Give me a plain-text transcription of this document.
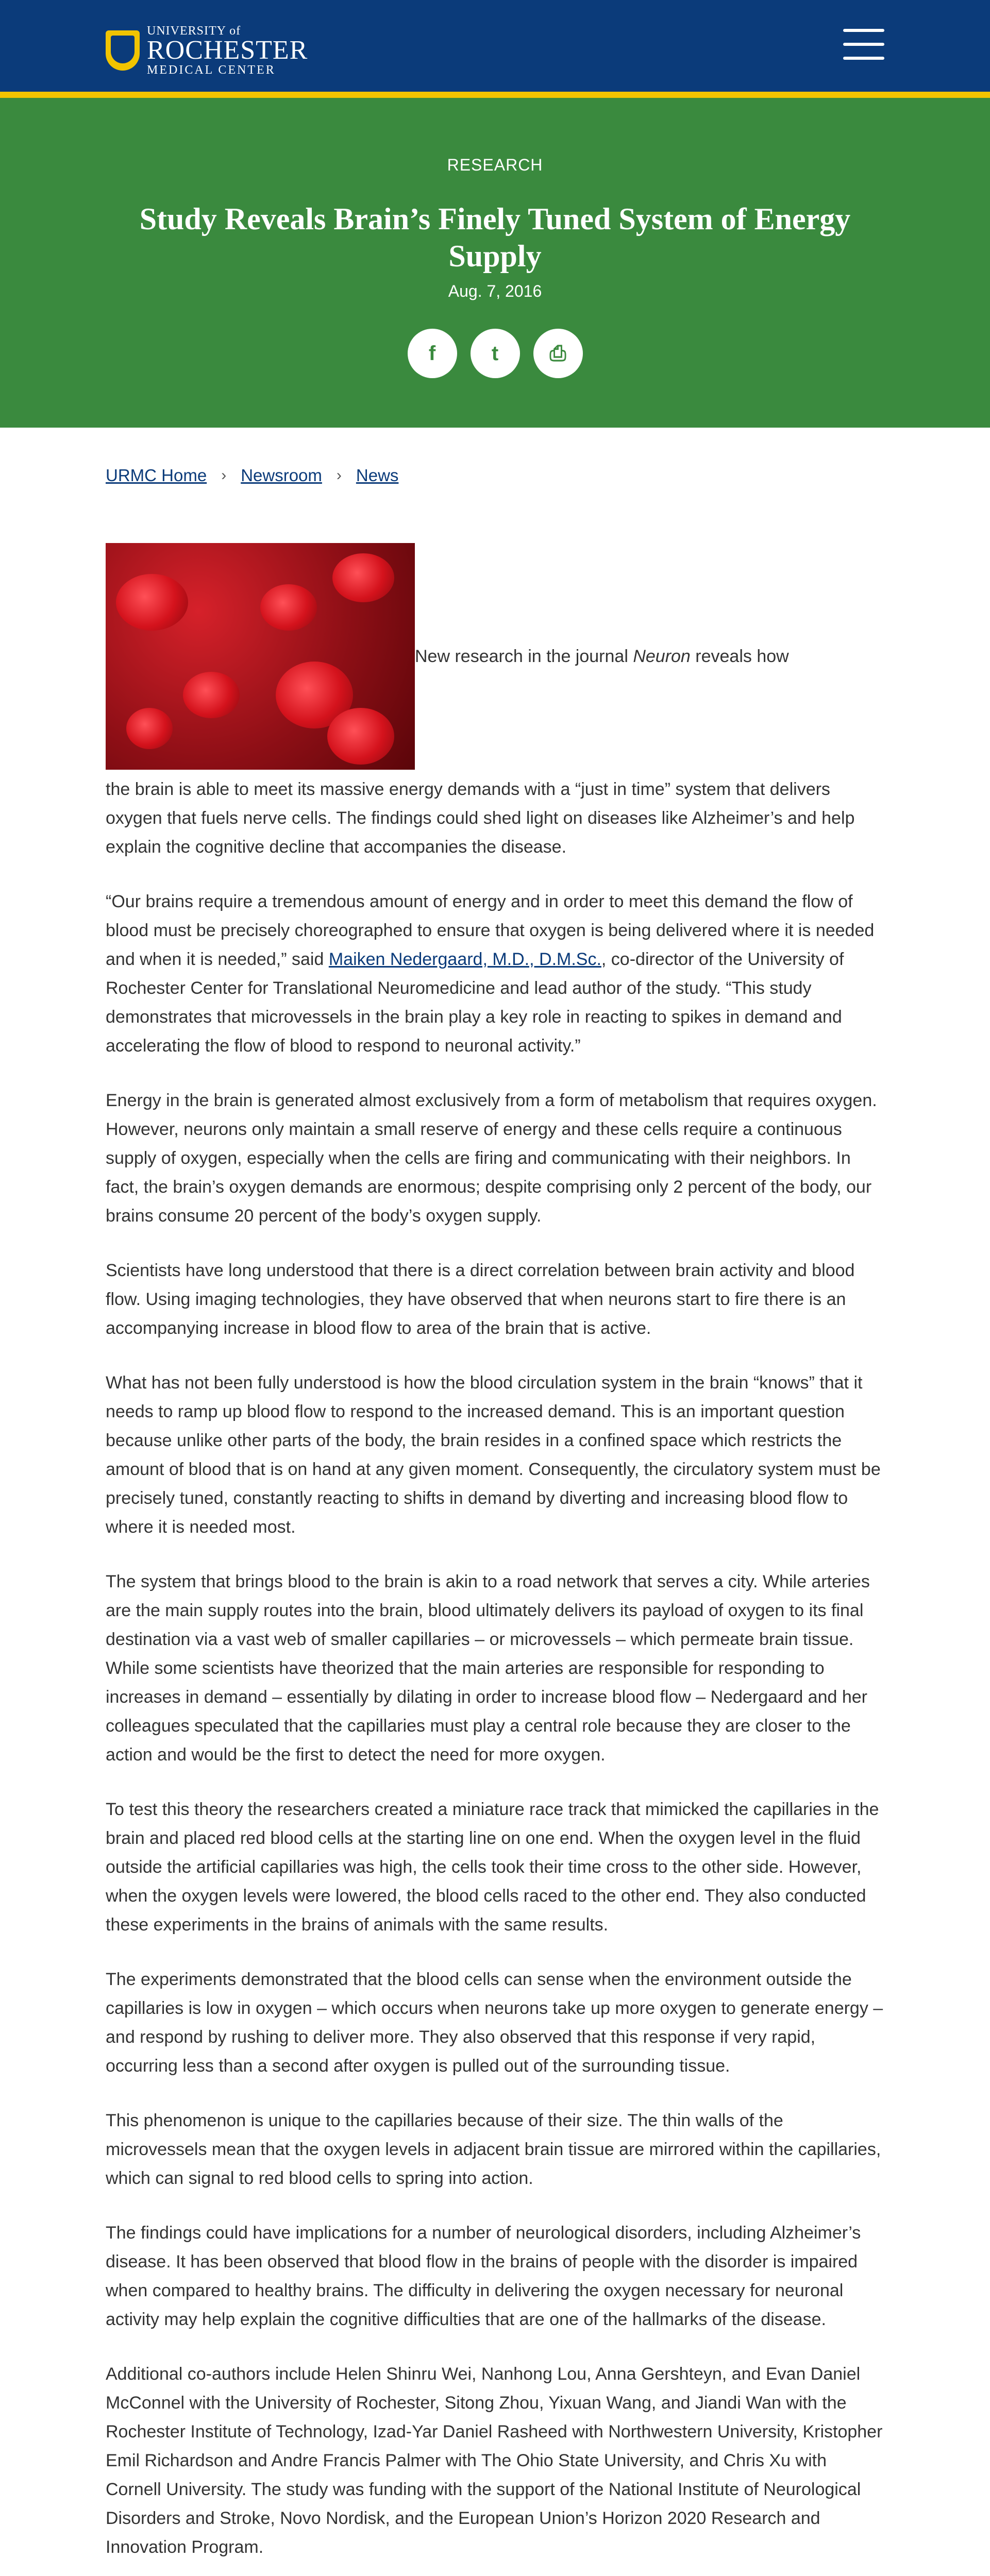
UNIVERSITY of
ROCHESTER
MEDICAL CENTER
RESEARCH
Study Reveals Brain’s Finely Tuned System of Energy Supply
Aug. 7, 2016
f	t	⎙
URMC Home › Newsroom › News
New research in the journal Neuron reveals how

the brain is able to meet its massive energy demands with a “just in time” system that delivers oxygen that fuels nerve cells. The findings could shed light on diseases like Alzheimer’s and help explain the cognitive decline that accompanies the disease.

“Our brains require a tremendous amount of energy and in order to meet this demand the flow of blood must be precisely choreographed to ensure that oxygen is being delivered where it is needed and when it is needed,” said Maiken Nedergaard, M.D., D.M.Sc., co-director of the University of Rochester Center for Translational Neuromedicine and lead author of the study. “This study demonstrates that microvessels in the brain play a key role in reacting to spikes in demand and accelerating the flow of blood to respond to neuronal activity.”

Energy in the brain is generated almost exclusively from a form of metabolism that requires oxygen. However, neurons only maintain a small reserve of energy and these cells require a continuous supply of oxygen, especially when the cells are firing and communicating with their neighbors. In fact, the brain’s oxygen demands are enormous; despite comprising only 2 percent of the body, our brains consume 20 percent of the body’s oxygen supply.

Scientists have long understood that there is a direct correlation between brain activity and blood flow. Using imaging technologies, they have observed that when neurons start to fire there is an accompanying increase in blood flow to area of the brain that is active.

What has not been fully understood is how the blood circulation system in the brain “knows” that it needs to ramp up blood flow to respond to the increased demand. This is an important question because unlike other parts of the body, the brain resides in a confined space which restricts the amount of blood that is on hand at any given moment. Consequently, the circulatory system must be precisely tuned, constantly reacting to shifts in demand by diverting and increasing blood flow to where it is needed most.

The system that brings blood to the brain is akin to a road network that serves a city. While arteries are the main supply routes into the brain, blood ultimately delivers its payload of oxygen to its final destination via a vast web of smaller capillaries – or microvessels – which permeate brain tissue. While some scientists have theorized that the main arteries are responsible for responding to increases in demand – essentially by dilating in order to increase blood flow – Nedergaard and her colleagues speculated that the capillaries must play a central role because they are closer to the action and would be the first to detect the need for more oxygen.

To test this theory the researchers created a miniature race track that mimicked the capillaries in the brain and placed red blood cells at the starting line on one end. When the oxygen level in the fluid outside the artificial capillaries was high, the cells took their time cross to the other side. However, when the oxygen levels were lowered, the blood cells raced to the other end. They also conducted these experiments in the brains of animals with the same results.

The experiments demonstrated that the blood cells can sense when the environment outside the capillaries is low in oxygen – which occurs when neurons take up more oxygen to generate energy – and respond by rushing to deliver more. They also observed that this response if very rapid, occurring less than a second after oxygen is pulled out of the surrounding tissue.

This phenomenon is unique to the capillaries because of their size. The thin walls of the microvessels mean that the oxygen levels in adjacent brain tissue are mirrored within the capillaries, which can signal to red blood cells to spring into action.

The findings could have implications for a number of neurological disorders, including Alzheimer’s disease. It has been observed that blood flow in the brains of people with the disorder is impaired when compared to healthy brains. The difficulty in delivering the oxygen necessary for neuronal activity may help explain the cognitive difficulties that are one of the hallmarks of the disease.

Additional co-authors include Helen Shinru Wei, Nanhong Lou, Anna Gershteyn, and Evan Daniel McConnel with the University of Rochester, Sitong Zhou, Yixuan Wang, and Jiandi Wan with the Rochester Institute of Technology, Izad-Yar Daniel Rasheed with Northwestern University, Kristopher Emil Richardson and Andre Francis Palmer with The Ohio State University, and Chris Xu with Cornell University. The study was funding with the support of the National Institute of Neurological Disorders and Stroke, Novo Nordisk, and the European Union’s Horizon 2020 Research and Innovation Program.
